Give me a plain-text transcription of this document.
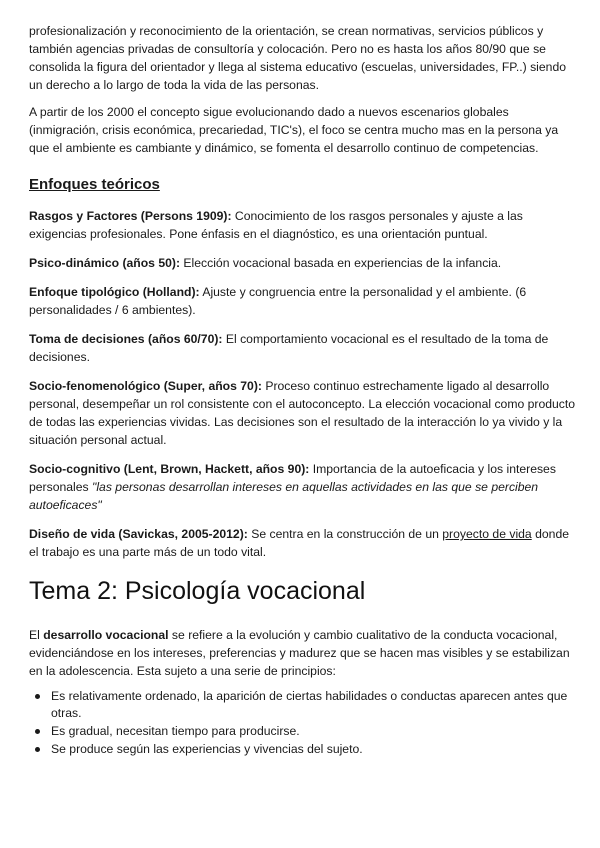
profesionalización y reconocimiento de la orientación, se crean normativas, servicios públicos y también agencias privadas de consultoría y colocación. Pero no es hasta los años 80/90 que se consolida la figura del orientador y llega al sistema educativo (escuelas, universidades, FP..) siendo un derecho a lo largo de toda la vida de las personas.

A partir de los 2000 el concepto sigue evolucionando dado a nuevos escenarios globales (inmigración, crisis económica, precariedad, TIC's), el foco se centra mucho mas en la persona ya que el ambiente es cambiante y dinámico, se fomenta el desarrollo continuo de competencias.

Enfoques teóricos

Rasgos y Factores (Persons 1909): Conocimiento de los rasgos personales y ajuste a las exigencias profesionales. Pone énfasis en el diagnóstico, es una orientación puntual.

Psico-dinámico (años 50): Elección vocacional basada en experiencias de la infancia.

Enfoque tipológico (Holland): Ajuste y congruencia entre la personalidad y el ambiente. (6 personalidades / 6 ambientes).

Toma de decisiones (años 60/70): El comportamiento vocacional es el resultado de la toma de decisiones.

Socio-fenomenológico (Super, años 70): Proceso continuo estrechamente ligado al desarrollo personal, desempeñar un rol consistente con el autoconcepto. La elección vocacional como producto de todas las experiencias vividas. Las decisiones son el resultado de la interacción lo ya vivido y la situación personal actual.

Socio-cognitivo (Lent, Brown, Hackett, años 90): Importancia de la autoeficacia y los intereses personales "las personas desarrollan intereses en aquellas actividades en las que se perciben autoeficaces"

Diseño de vida (Savickas, 2005-2012): Se centra en la construcción de un proyecto de vida donde el trabajo es una parte más de un todo vital.

Tema 2: Psicología vocacional

El desarrollo vocacional se refiere a la evolución y cambio cualitativo de la conducta vocacional, evidenciándose en los intereses, preferencias y madurez que se hacen mas visibles y se estabilizan en la adolescencia. Esta sujeto a una serie de principios:

Es relativamente ordenado, la aparición de ciertas habilidades o conductas aparecen antes que otras.
Es gradual, necesitan tiempo para producirse.
Se produce según las experiencias y vivencias del sujeto.
